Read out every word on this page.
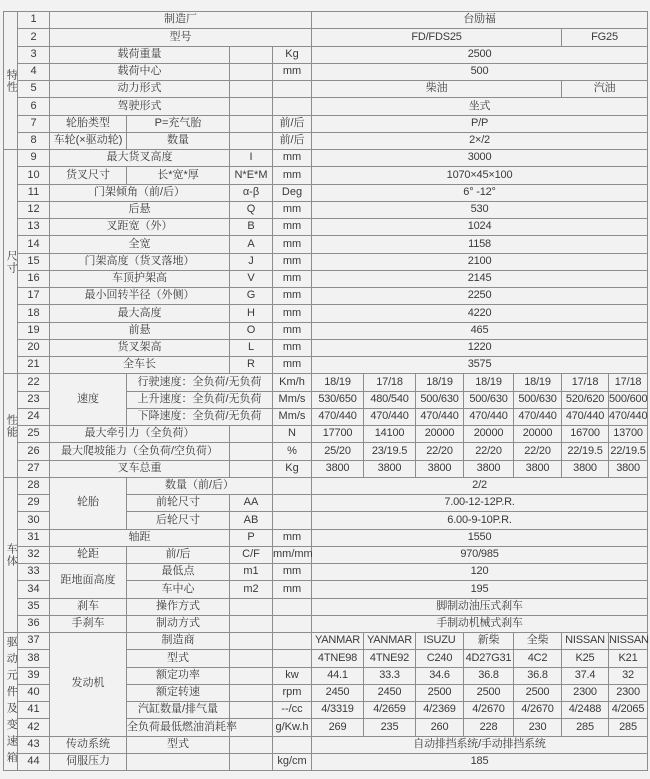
特性	1	制造厂				台励福						
	2	型号				FD/FDS25					FG25	
	3	载荷重量			Kg	2500						
	4	载荷中心			mm	500						
	5	动力形式				柴油					汽油	
	6	驾驶形式				坐式						
	7	轮胎类型	P=充气胎		前/后	P/P						
	8	车轮(×驱动轮)	数量		前/后	2×/2						
尺寸	9	最大货叉高度		I	mm	3000						
	10	货叉尺寸	长*宽*厚	N*E*M	mm	1070×45×100						
	11	门架倾角（前/后）		α-β	Deg	6° -12°						
	12	后悬		Q	mm	530						
	13	叉距宽（外）		B	mm	1024						
	14	全宽		A	mm	1158						
	15	门架高度（货叉落地）		J	mm	2100						
	16	车顶护架高		V	mm	2145						
	17	最小回转半径（外侧）		G	mm	2250						
	18	最大高度		H	mm	4220						
	19	前悬		O	mm	465						
	20	货叉架高		L	mm	1220						
	21	全车长		R	mm	3575						
性能	22	速度	行驶速度：全负荷/无负荷		Km/h	18/19	17/18	18/19	18/19	18/19	17/18	17/18
	23		上升速度：全负荷/无负荷		Mm/s	530/650	480/540	500/630	500/630	500/630	520/620	500/600
	24		下降速度：全负荷/无负荷		Mm/s	470/440	470/440	470/440	470/440	470/440	470/440	470/440
	25	最大牵引力（全负荷）			N	17700	14100	20000	20000	20000	16700	13700
	26	最大爬坡能力（全负荷/空负荷）			%	25/20	23/19.5	22/20	22/20	22/20	22/19.5	22/19.5
	27	叉车总重			Kg	3800	3800	3800	3800	3800	3800	3800
车体	28	轮胎	数量（前/后）			2/2						
	29		前轮尺寸	AA		7.00-12-12P.R.						
	30		后轮尺寸	AB		6.00-9-10P.R.						
	31	轴距		P	mm	1550						
	32	轮距	前/后	C/F	mm/mm	970/985						
	33	距地面高度	最低点	m1	mm	120						
	34		车中心	m2	mm	195						
	35	刹车	操作方式			脚制动油压式刹车						
	36	手刹车	制动方式			手制动机械式刹车						
驱动元件及变速箱	37	发动机	制造商			YANMAR	YANMAR	ISUZU	新柴	全柴	NISSAN	NISSAN
	38		型式			4TNE98	4TNE92	C240	4D27G31	4C2	K25	K21
	39		额定功率		kw	44.1	33.3	34.6	36.8	36.8	37.4	32
	40		额定转速		rpm	2450	2450	2500	2500	2500	2300	2300
	41		汽缸数量/排气量		--/cc	4/3319	4/2659	4/2369	4/2670	4/2670	4/2488	4/2065
	42		全负荷最低燃油消耗率		g/Kw.h	269	235	260	228	230	285	285
	43	传动系统	型式			自动排挡系统/手动排挡系统						
	44	伺服压力			kg/cm	185						
